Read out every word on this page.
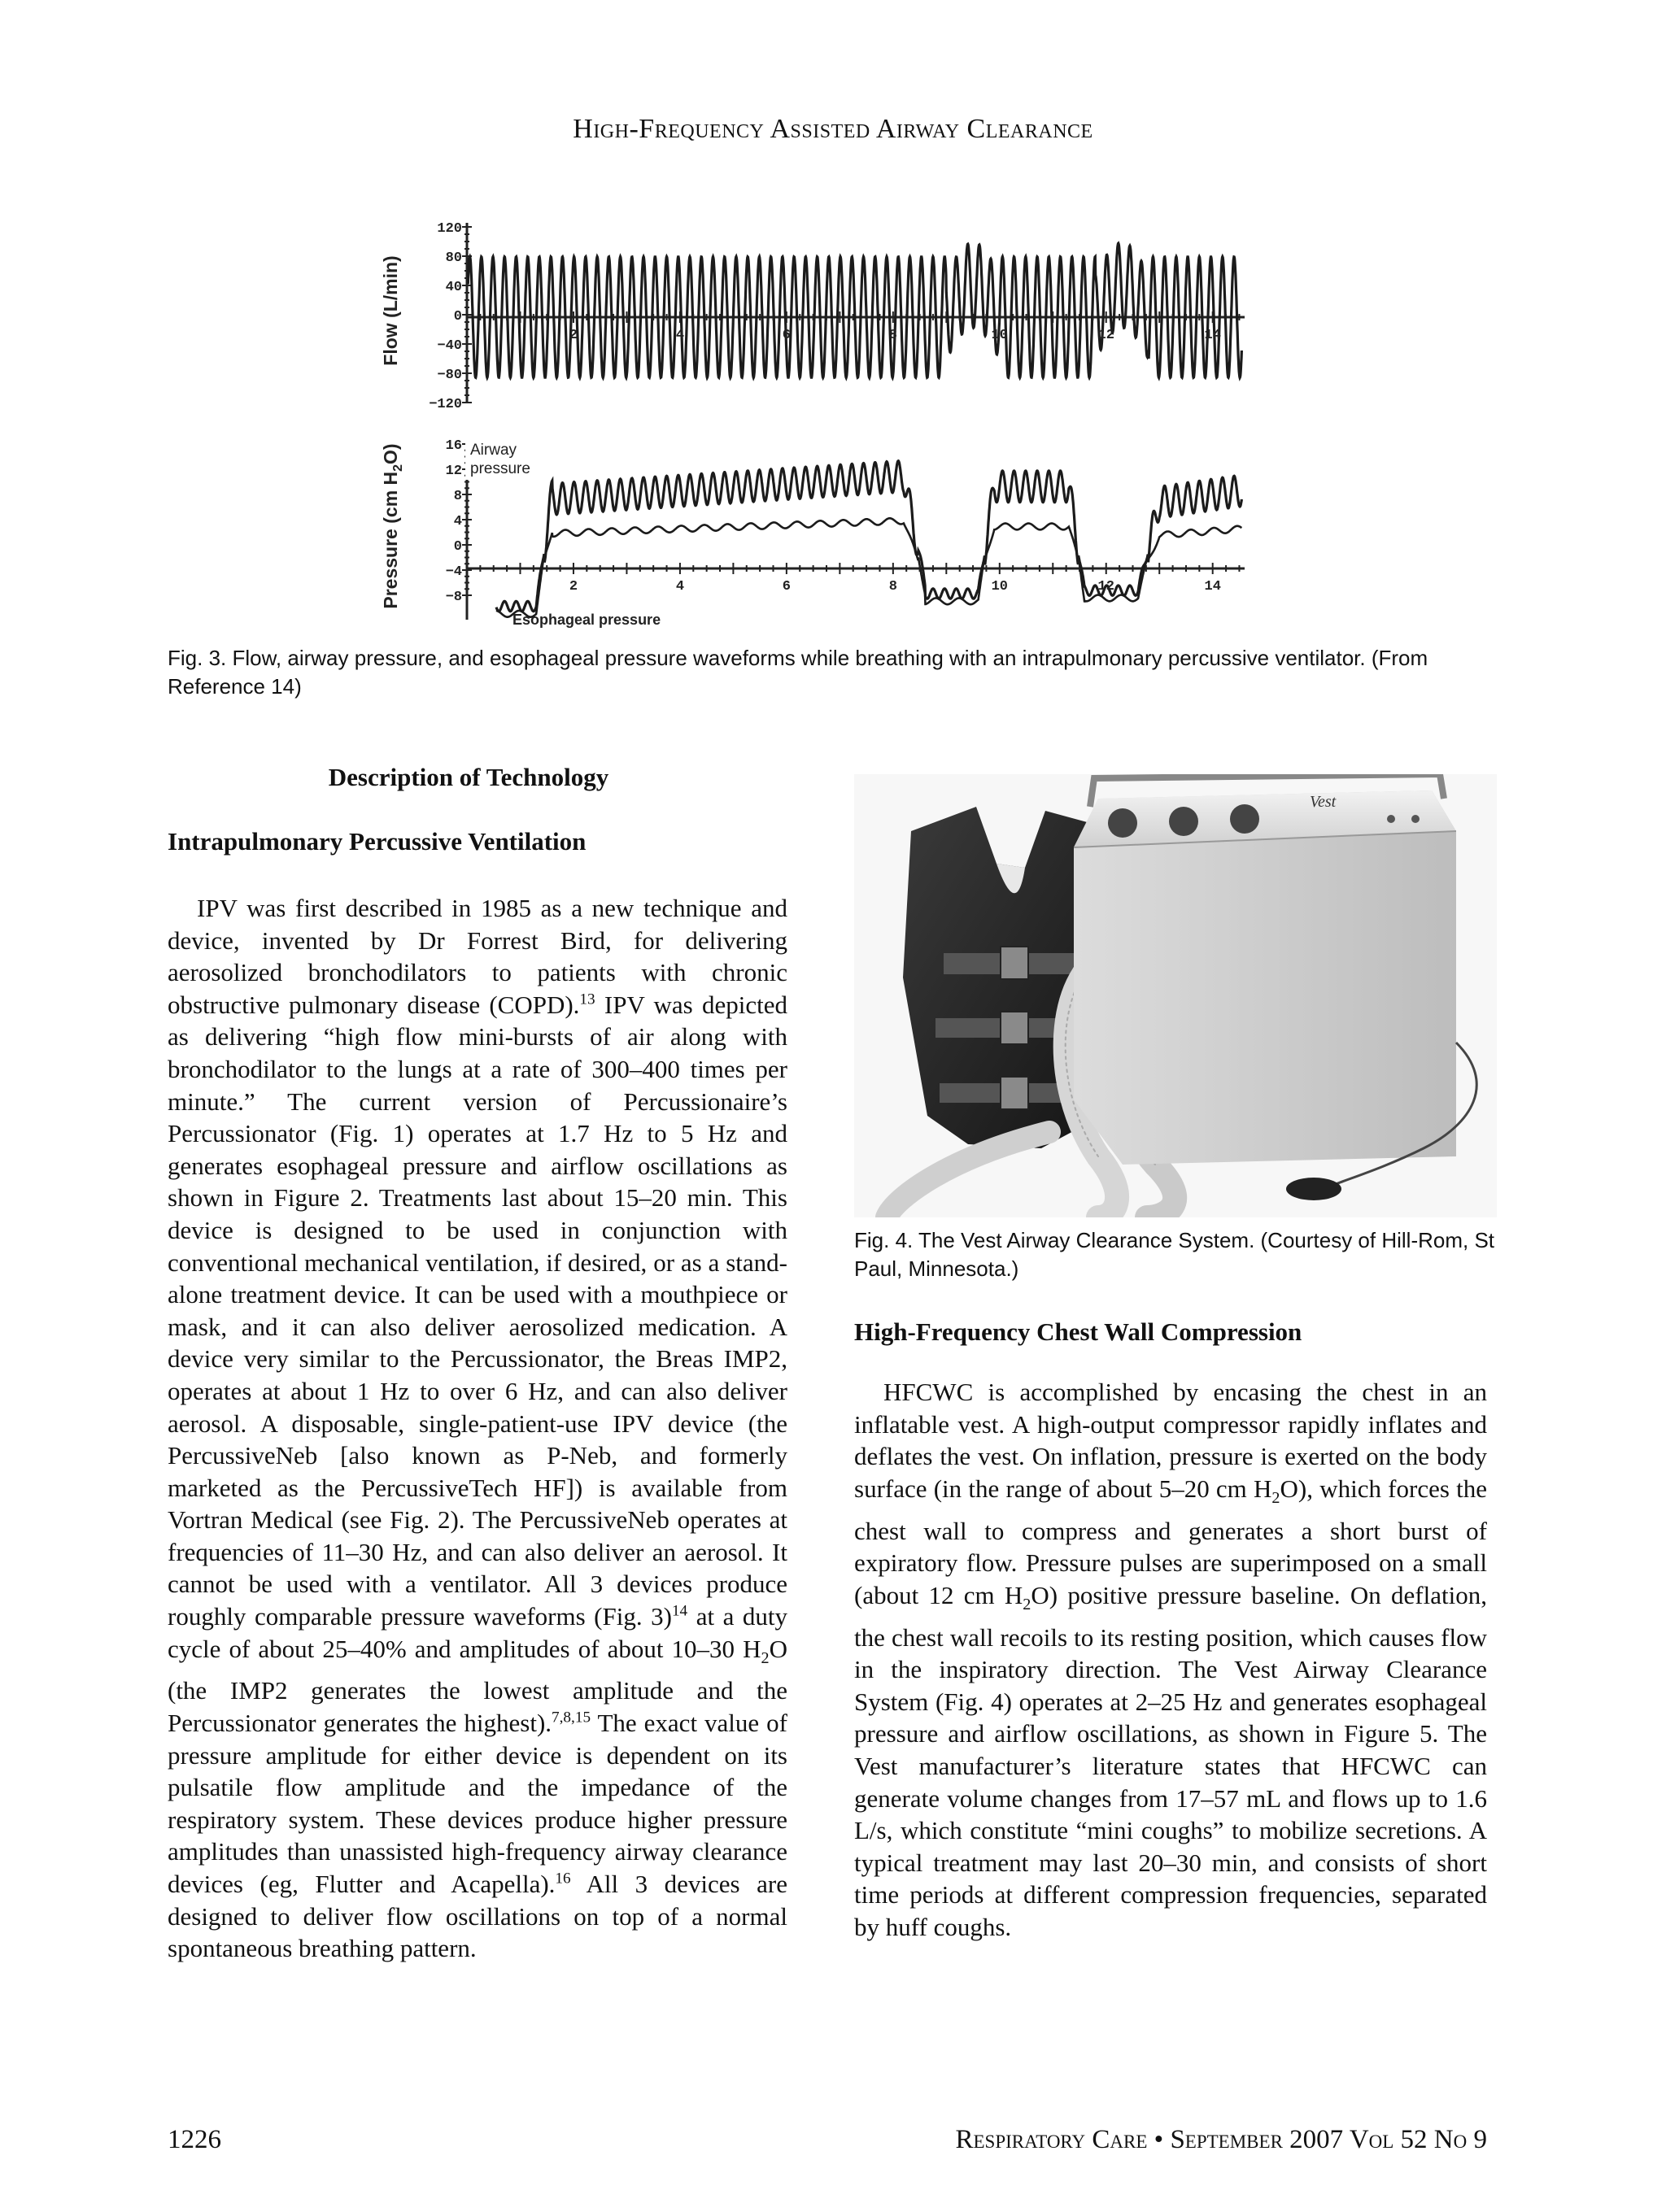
High-Frequency Assisted Airway Clearance
Flow (L/min)
120
80
40
0
−40
−80
−120
2	4	6	8	10	12	14
Pressure (cm $H_2O$)	16
12
8
4
0
−4
−8
2	4	6	8	10	12	14
Airway
pressure
Esophageal pressure
Fig. 3. Flow, airway pressure, and esophageal pressure waveforms while breathing with an intrapulmonary percussive ventilator. (From Reference 14)
Description of Technology
Intrapulmonary Percussive Ventilation

IPV was first described in 1985 as a new technique and device, invented by Dr Forrest Bird, for delivering aerosolized bronchodilators to patients with chronic obstructive pulmonary disease (COPD).$^{13}$ IPV was depicted as delivering “high flow mini-bursts of air along with bronchodilator to the lungs at a rate of 300–400 times per minute.” The current version of Percussionaire’s Percussionator (Fig. 1) operates at 1.7 Hz to 5 Hz and generates esophageal pressure and airflow oscillations as shown in Figure 2. Treatments last about 15–20 min. This device is designed to be used in conjunction with conventional mechanical ventilation, if desired, or as a stand-alone treatment device. It can be used with a mouthpiece or mask, and it can also deliver aerosolized medication. A device very similar to the Percussionator, the Breas IMP2, operates at about 1 Hz to over 6 Hz, and can also deliver aerosol. A disposable, single-patient-use IPV device (the PercussiveNeb [also known as P-Neb, and formerly marketed as the PercussiveTech HF]) is available from Vortran Medical (see Fig. 2). The PercussiveNeb operates at frequencies of 11–30 Hz, and can also deliver an aerosol. It cannot be used with a ventilator. All 3 devices produce roughly comparable pressure waveforms (Fig. 3)$^{14}$ at a duty cycle of about 25–40% and amplitudes of about 10–30 $H_2O$ (the IMP2 generates the lowest amplitude and the Percussionator generates the highest).$^{7,8,15}$ The exact value of pressure amplitude for either device is dependent on its pulsatile flow amplitude and the impedance of the respiratory system. These devices produce higher pressure amplitudes than unassisted high-frequency airway clearance devices (eg, Flutter and Acapella).$^{16}$ All 3 devices are designed to deliver flow oscillations on top of a normal spontaneous breathing pattern.

Vest
Fig. 4. The Vest Airway Clearance System. (Courtesy of Hill-Rom, St Paul, Minnesota.)
High-Frequency Chest Wall Compression

HFCWC is accomplished by encasing the chest in an inflatable vest. A high-output compressor rapidly inflates and deflates the vest. On inflation, pressure is exerted on the body surface (in the range of about 5–20 cm $H_2O$), which forces the chest wall to compress and generates a short burst of expiratory flow. Pressure pulses are superimposed on a small (about 12 cm $H_2O$) positive pressure baseline. On deflation, the chest wall recoils to its resting position, which causes flow in the inspiratory direction. The Vest Airway Clearance System (Fig. 4) operates at 2–25 Hz and generates esophageal pressure and airflow oscillations, as shown in Figure 5. The Vest manufacturer’s literature states that HFCWC can generate volume changes from 17–57 mL and flows up to 1.6 L/s, which constitute “mini coughs” to mobilize secretions. A typical treatment may last 20–30 min, and consists of short time periods at different compression frequencies, separated by huff coughs.

1226	Respiratory Care • September 2007 Vol 52 No 9
